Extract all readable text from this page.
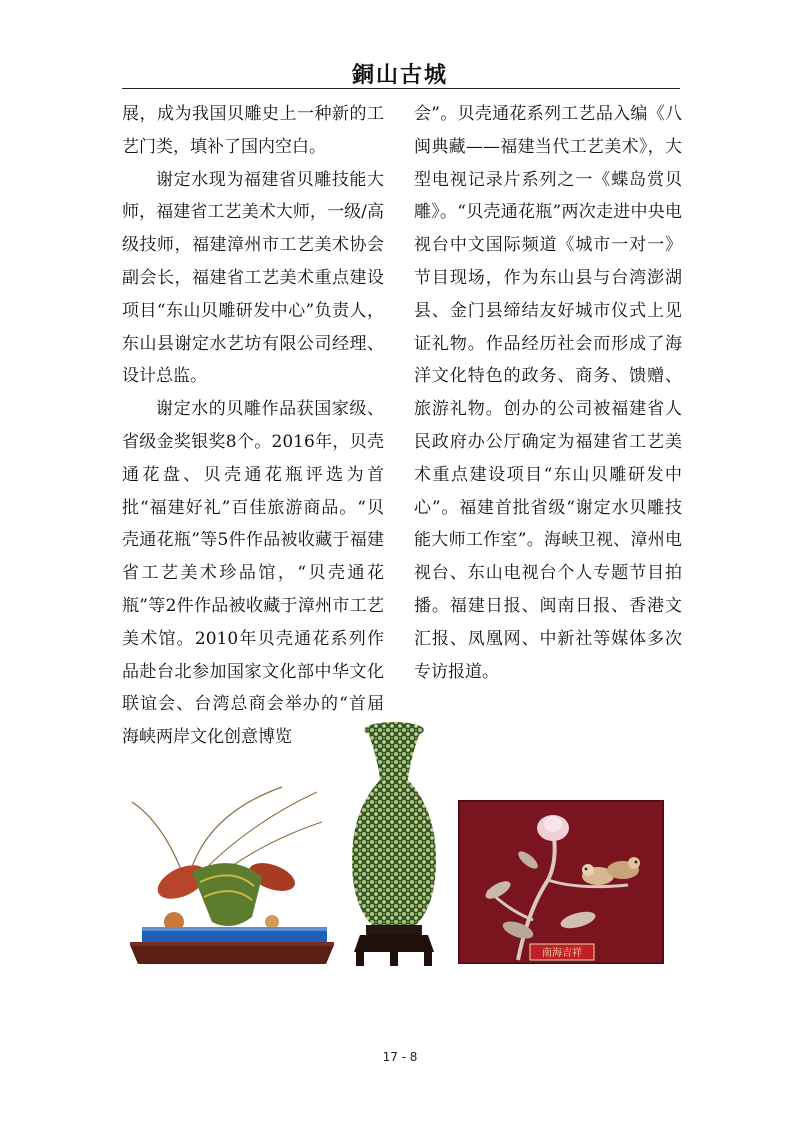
銅山古城

展，成为我国贝雕史上一种新的工艺门类，填补了国内空白。

谢定水现为福建省贝雕技能大师，福建省工艺美术大师，一级/高级技师，福建漳州市工艺美术协会副会长，福建省工艺美术重点建设项目“东山贝雕研发中心”负责人，东山县谢定水艺坊有限公司经理、设计总监。

谢定水的贝雕作品获国家级、省级金奖银奖8个。2016年，贝壳通花盘、贝壳通花瓶评选为首批“福建好礼”百佳旅游商品。“贝壳通花瓶”等5件作品被收藏于福建省工艺美术珍品馆，“贝壳通花瓶”等2件作品被收藏于漳州市工艺美术馆。2010年贝壳通花系列作品赴台北参加国家文化部中华文化联谊会、台湾总商会举办的“首届海峡两岸文化创意博览

会”。贝壳通花系列工艺品入编《八闽典藏——福建当代工艺美术》，大型电视记录片系列之一《蝶岛赏贝雕》。“贝壳通花瓶”两次走进中央电视台中文国际频道《城市一对一》节目现场，作为东山县与台湾澎湖县、金门县缔结友好城市仪式上见证礼物。作品经历社会而形成了海洋文化特色的政务、商务、馈赠、旅游礼物。创办的公司被福建省人民政府办公厅确定为福建省工艺美术重点建设项目“东山贝雕研发中心”。福建首批省级“谢定水贝雕技能大师工作室”。海峡卫视、漳州电视台、东山电视台个人专题节目拍播。福建日报、闽南日报、香港文汇报、凤凰网、中新社等媒体多次专访报道。

南海吉祥
17 - 8
